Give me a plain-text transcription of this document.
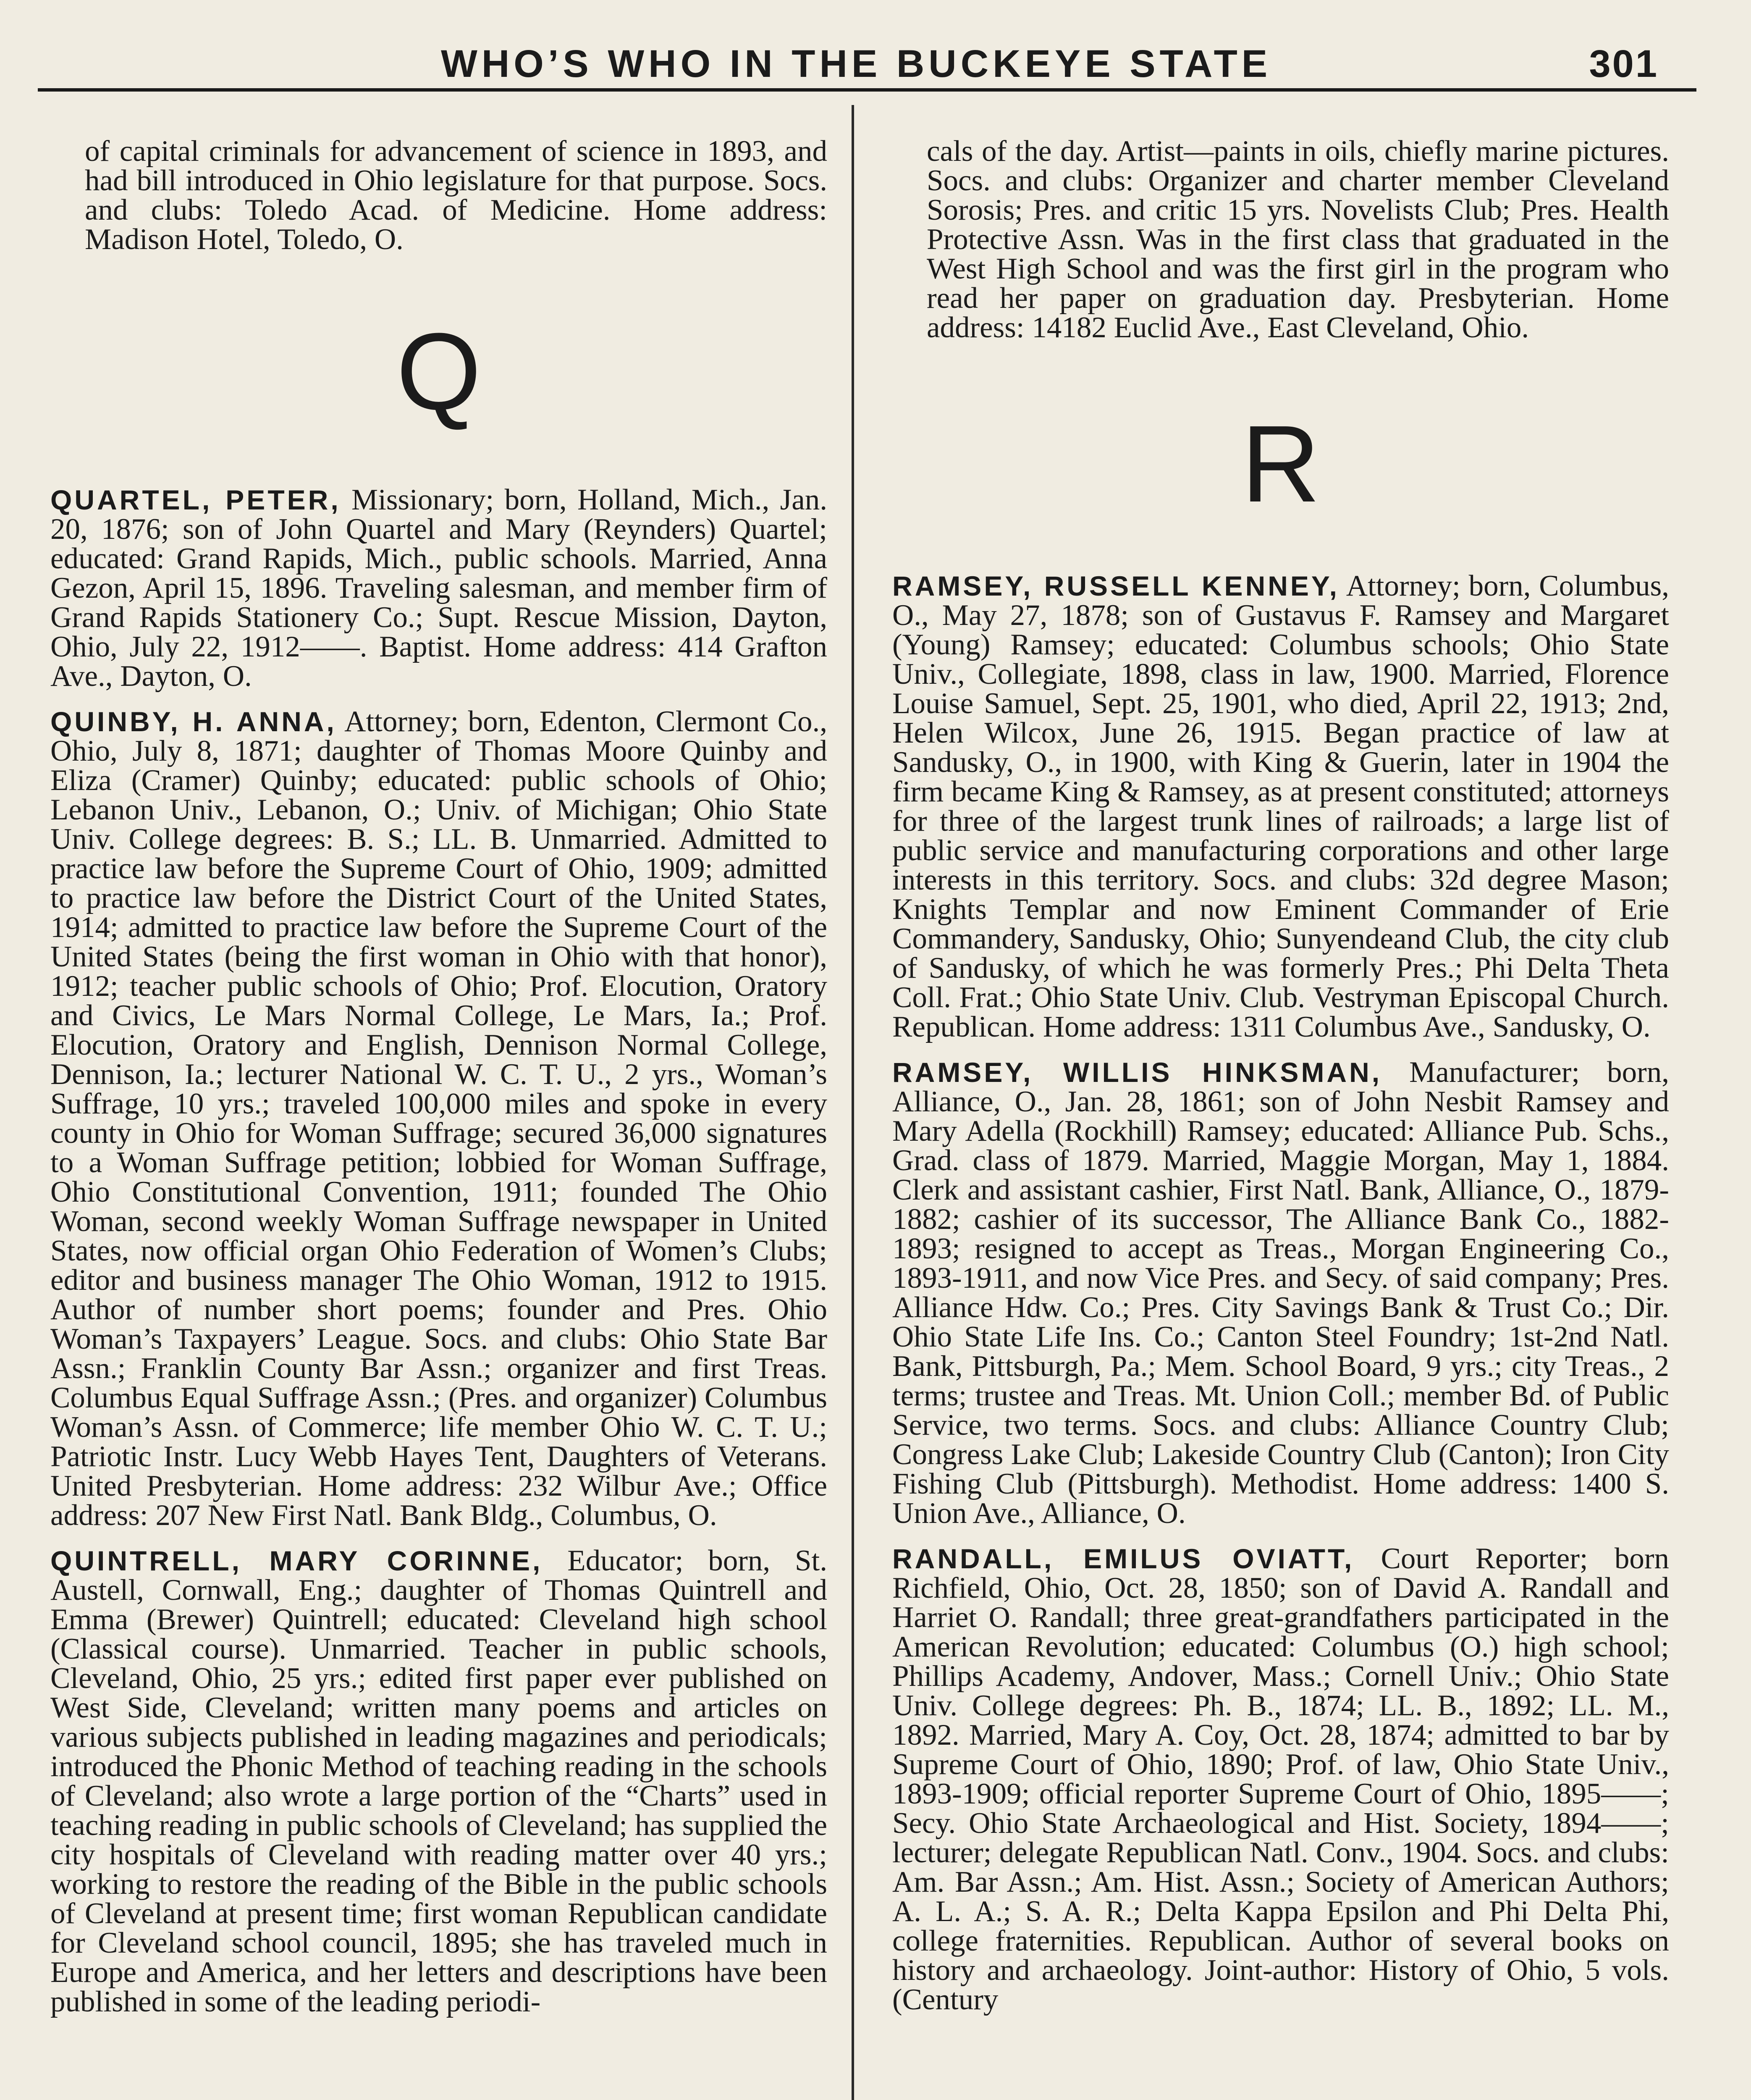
WHO’S WHO IN THE BUCKEYE STATE	301

of capital criminals for advancement of science in 1893, and had bill introduced in Ohio legislature for that purpose. Socs. and clubs: Toledo Acad. of Medicine. Home address: Madison Hotel, Toledo, O.

Q

QUARTEL, PETER, Missionary; born, Holland, Mich., Jan. 20, 1876; son of John Quartel and Mary (Reynders) Quartel; educated: Grand Rapids, Mich., public schools. Married, Anna Gezon, April 15, 1896. Traveling salesman, and member firm of Grand Rapids Stationery Co.; Supt. Rescue Mission, Dayton, Ohio, July 22, 1912——. Baptist. Home address: 414 Grafton Ave., Dayton, O.

QUINBY, H. ANNA, Attorney; born, Edenton, Clermont Co., Ohio, July 8, 1871; daughter of Thomas Moore Quinby and Eliza (Cramer) Quinby; educated: public schools of Ohio; Lebanon Univ., Lebanon, O.; Univ. of Michigan; Ohio State Univ. College degrees: B. S.; LL. B. Unmarried. Admitted to practice law before the Supreme Court of Ohio, 1909; admitted to practice law before the District Court of the United States, 1914; admitted to practice law before the Supreme Court of the United States (being the first woman in Ohio with that honor), 1912; teacher public schools of Ohio; Prof. Elocution, Oratory and Civics, Le Mars Normal College, Le Mars, Ia.; Prof. Elocution, Oratory and English, Dennison Normal College, Dennison, Ia.; lecturer National W. C. T. U., 2 yrs., Woman’s Suffrage, 10 yrs.; traveled 100,000 miles and spoke in every county in Ohio for Woman Suffrage; secured 36,000 signatures to a Woman Suffrage petition; lobbied for Woman Suffrage, Ohio Constitutional Convention, 1911; founded The Ohio Woman, second weekly Woman Suffrage newspaper in United States, now official organ Ohio Federation of Women’s Clubs; editor and business manager The Ohio Woman, 1912 to 1915. Author of number short poems; founder and Pres. Ohio Woman’s Taxpayers’ League. Socs. and clubs: Ohio State Bar Assn.; Franklin County Bar Assn.; organizer and first Treas. Columbus Equal Suffrage Assn.; (Pres. and organizer) Columbus Woman’s Assn. of Commerce; life member Ohio W. C. T. U.; Patriotic Instr. Lucy Webb Hayes Tent, Daughters of Veterans. United Presbyterian. Home address: 232 Wilbur Ave.; Office address: 207 New First Natl. Bank Bldg., Columbus, O.

QUINTRELL, MARY CORINNE, Educator; born, St. Austell, Cornwall, Eng.; daughter of Thomas Quintrell and Emma (Brewer) Quintrell; educated: Cleveland high school (Classical course). Unmarried. Teacher in public schools, Cleveland, Ohio, 25 yrs.; edited first paper ever published on West Side, Cleveland; written many poems and articles on various subjects published in leading magazines and periodicals; introduced the Phonic Method of teaching reading in the schools of Cleveland; also wrote a large portion of the “Charts” used in teaching reading in public schools of Cleveland; has supplied the city hospitals of Cleveland with reading matter over 40 yrs.; working to restore the reading of the Bible in the public schools of Cleveland at present time; first woman Republican candidate for Cleveland school council, 1895; she has traveled much in Europe and America, and her letters and descriptions have been published in some of the leading periodi-

cals of the day. Artist—paints in oils, chiefly marine pictures. Socs. and clubs: Organizer and charter member Cleveland Sorosis; Pres. and critic 15 yrs. Novelists Club; Pres. Health Protective Assn. Was in the first class that graduated in the West High School and was the first girl in the program who read her paper on graduation day. Presbyterian. Home address: 14182 Euclid Ave., East Cleveland, Ohio.

R

RAMSEY, RUSSELL KENNEY, Attorney; born, Columbus, O., May 27, 1878; son of Gustavus F. Ramsey and Margaret (Young) Ramsey; educated: Columbus schools; Ohio State Univ., Collegiate, 1898, class in law, 1900. Married, Florence Louise Samuel, Sept. 25, 1901, who died, April 22, 1913; 2nd, Helen Wilcox, June 26, 1915. Began practice of law at Sandusky, O., in 1900, with King & Guerin, later in 1904 the firm became King & Ramsey, as at present constituted; attorneys for three of the largest trunk lines of railroads; a large list of public service and manufacturing corporations and other large interests in this territory. Socs. and clubs: 32d degree Mason; Knights Templar and now Eminent Commander of Erie Commandery, Sandusky, Ohio; Sunyendeand Club, the city club of Sandusky, of which he was formerly Pres.; Phi Delta Theta Coll. Frat.; Ohio State Univ. Club. Vestryman Episcopal Church. Republican. Home address: 1311 Columbus Ave., Sandusky, O.

RAMSEY, WILLIS HINKSMAN, Manufacturer; born, Alliance, O., Jan. 28, 1861; son of John Nesbit Ramsey and Mary Adella (Rockhill) Ramsey; educated: Alliance Pub. Schs., Grad. class of 1879. Married, Maggie Morgan, May 1, 1884. Clerk and assistant cashier, First Natl. Bank, Alliance, O., 1879-1882; cashier of its successor, The Alliance Bank Co., 1882-1893; resigned to accept as Treas., Morgan Engineering Co., 1893-1911, and now Vice Pres. and Secy. of said company; Pres. Alliance Hdw. Co.; Pres. City Savings Bank & Trust Co.; Dir. Ohio State Life Ins. Co.; Canton Steel Foundry; 1st-2nd Natl. Bank, Pittsburgh, Pa.; Mem. School Board, 9 yrs.; city Treas., 2 terms; trustee and Treas. Mt. Union Coll.; member Bd. of Public Service, two terms. Socs. and clubs: Alliance Country Club; Congress Lake Club; Lakeside Country Club (Canton); Iron City Fishing Club (Pittsburgh). Methodist. Home address: 1400 S. Union Ave., Alliance, O.

RANDALL, EMILUS OVIATT, Court Reporter; born Richfield, Ohio, Oct. 28, 1850; son of David A. Randall and Harriet O. Randall; three great-grandfathers participated in the American Revolution; educated: Columbus (O.) high school; Phillips Academy, Andover, Mass.; Cornell Univ.; Ohio State Univ. College degrees: Ph. B., 1874; LL. B., 1892; LL. M., 1892. Married, Mary A. Coy, Oct. 28, 1874; admitted to bar by Supreme Court of Ohio, 1890; Prof. of law, Ohio State Univ., 1893-1909; official reporter Supreme Court of Ohio, 1895——; Secy. Ohio State Archaeological and Hist. Society, 1894——; lecturer; delegate Republican Natl. Conv., 1904. Socs. and clubs: Am. Bar Assn.; Am. Hist. Assn.; Society of American Authors; A. L. A.; S. A. R.; Delta Kappa Epsilon and Phi Delta Phi, college fraternities. Republican. Author of several books on history and archaeology. Joint-author: History of Ohio, 5 vols. (Century
